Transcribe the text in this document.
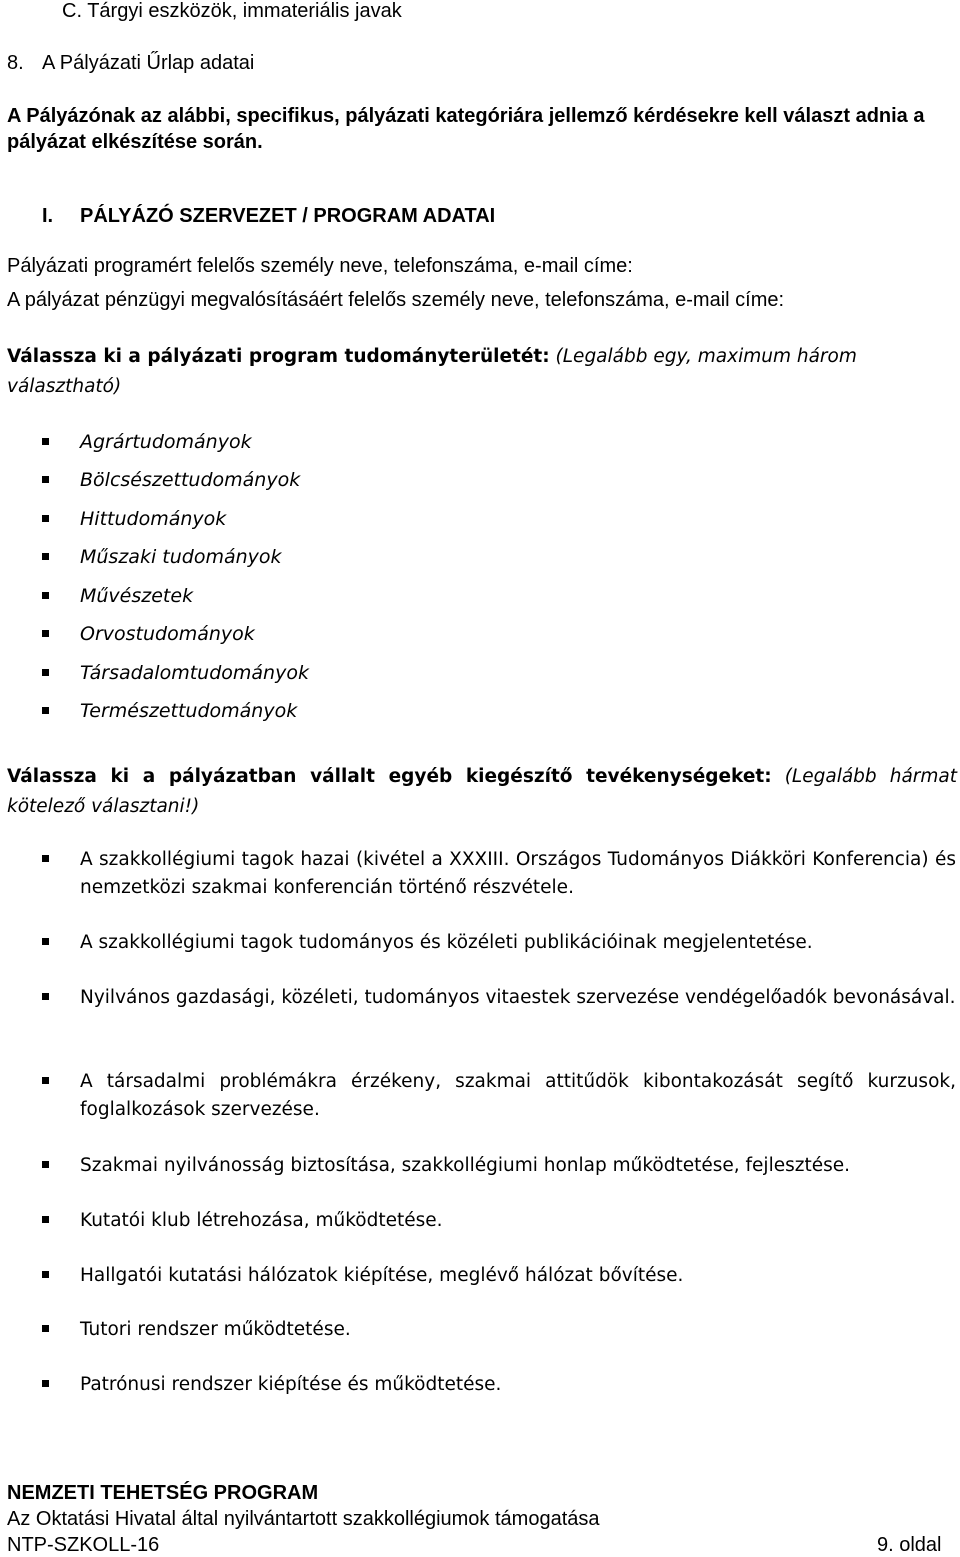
C. Tárgyi eszközök, immateriális javak
8. A Pályázati Űrlap adatai
A Pályázónak az alábbi, specifikus, pályázati kategóriára jellemző kérdésekre kell választ adnia a pályázat elkészítése során.
I. PÁLYÁZÓ SZERVEZET / PROGRAM ADATAI
Pályázati programért felelős személy neve, telefonszáma, e-mail címe:
A pályázat pénzügyi megvalósításáért felelős személy neve, telefonszáma, e-mail címe:
Válassza ki a pályázati program tudományterületét: (Legalább egy, maximum három választható)
Agrártudományok
Bölcsészettudományok
Hittudományok
Műszaki tudományok
Művészetek
Orvostudományok
Társadalomtudományok
Természettudományok
Válassza ki a pályázatban vállalt egyéb kiegészítő tevékenységeket: (Legalább hármat kötelező választani!)
A szakkollégiumi tagok hazai (kivétel a XXXIII. Országos Tudományos Diákköri Konferencia) és nemzetközi szakmai konferencián történő részvétele.
A szakkollégiumi tagok tudományos és közéleti publikációinak megjelentetése.
Nyilvános gazdasági, közéleti, tudományos vitaestek szervezése vendégelőadók bevonásával.
A társadalmi problémákra érzékeny, szakmai attitűdök kibontakozását segítő kurzusok, foglalkozások szervezése.
Szakmai nyilvánosság biztosítása, szakkollégiumi honlap működtetése, fejlesztése.
Kutatói klub létrehozása, működtetése.
Hallgatói kutatási hálózatok kiépítése, meglévő hálózat bővítése.
Tutori rendszer működtetése.
Patrónusi rendszer kiépítése és működtetése.
NEMZETI TEHETSÉG PROGRAM
Az Oktatási Hivatal által nyilvántartott szakkollégiumok támogatása
NTP-SZKOLL-16	9. oldal
